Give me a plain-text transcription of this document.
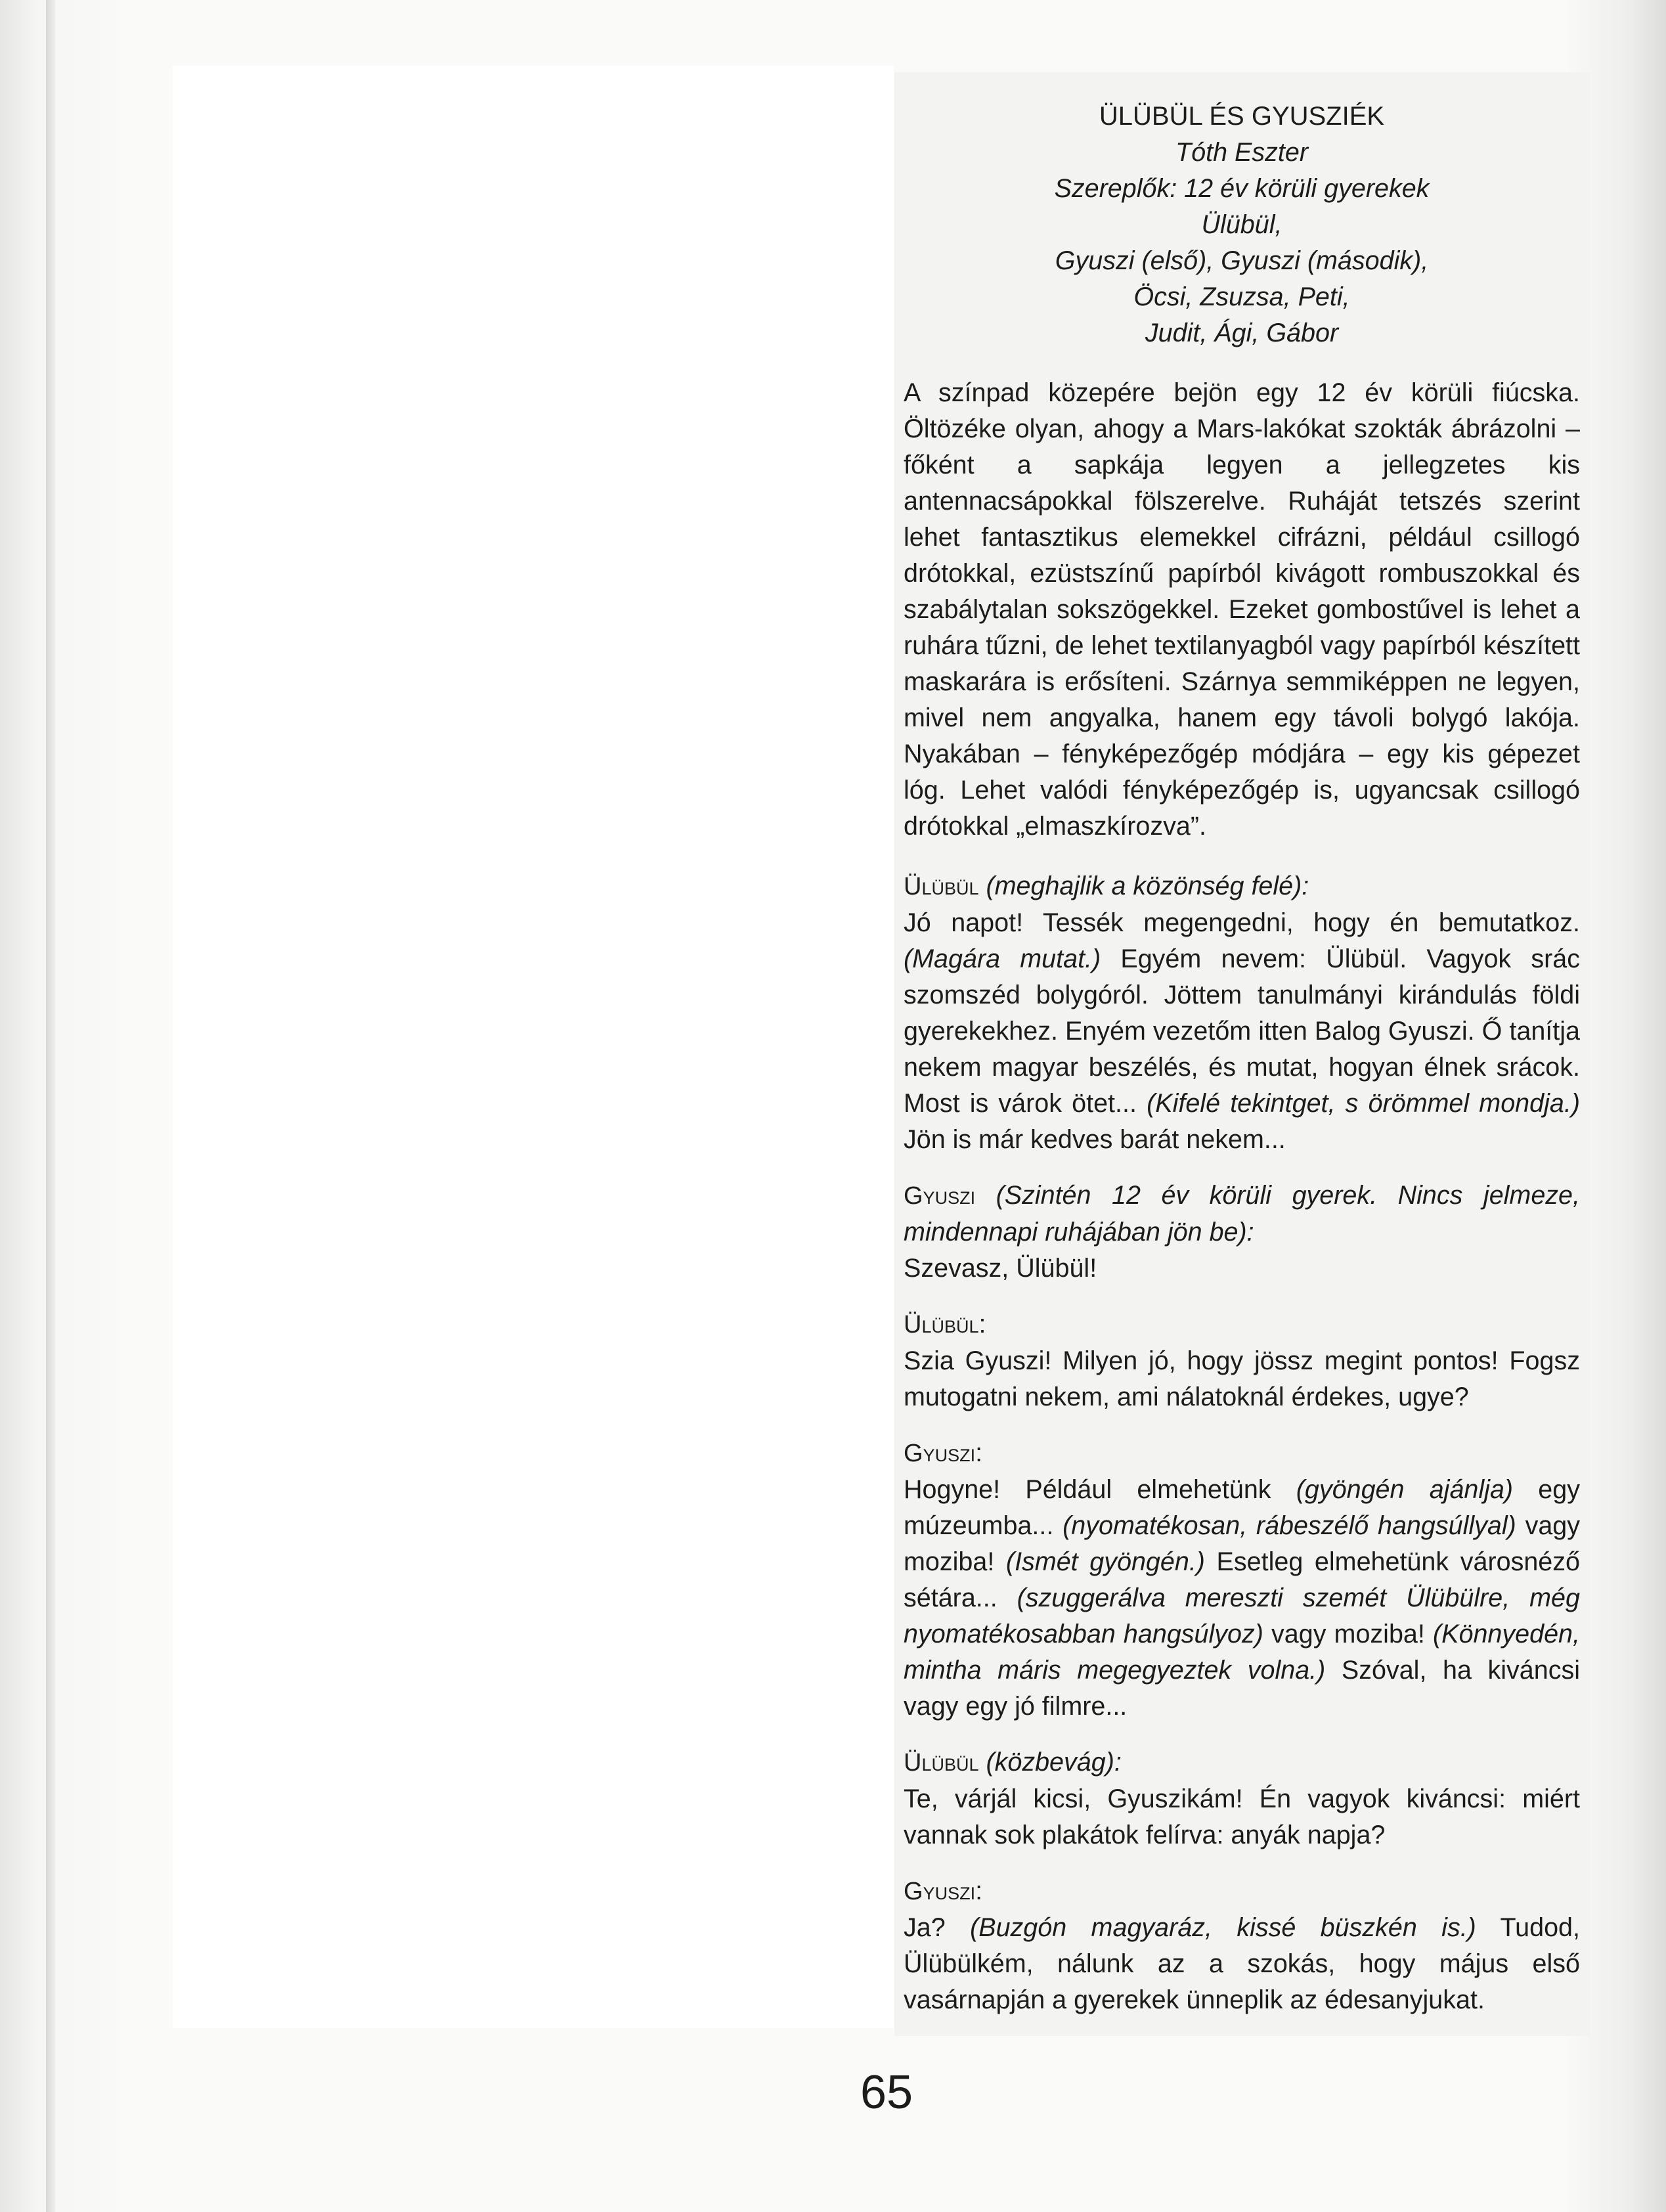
ÜLÜBÜL ÉS GYUSZIÉK
Tóth Eszter
Szereplők: 12 év körüli gyerekek
Ülübül,
Gyuszi (első), Gyuszi (második),
Öcsi, Zsuzsa, Peti,
Judit, Ági, Gábor

A színpad közepére bejön egy 12 év körüli fiúcska. Öltözéke olyan, ahogy a Mars-lakókat szokták ábrázolni – főként a sapkája legyen a jellegzetes kis antennacsápokkal fölszerelve. Ruháját tetszés szerint lehet fantasztikus elemekkel cifrázni, például csillogó drótokkal, ezüstszínű papírból kivágott rombuszokkal és szabálytalan sokszögekkel. Ezeket gombostűvel is lehet a ruhára tűzni, de lehet textilanyagból vagy papírból készített maskarára is erősíteni. Szárnya semmiképpen ne legyen, mivel nem angyalka, hanem egy távoli bolygó lakója. Nyakában – fényképezőgép módjára – egy kis gépezet lóg. Lehet valódi fényképezőgép is, ugyancsak csillogó drótokkal „elmaszkírozva”.

Ülübül (meghajlik a közönség felé):

Jó napot! Tessék megengedni, hogy én bemutatkoz. (Magára mutat.) Egyém nevem: Ülübül. Vagyok srác szomszéd bolygóról. Jöttem tanulmányi kirándulás földi gyerekekhez. Enyém vezetőm itten Balog Gyuszi. Ő tanítja nekem magyar beszélés, és mutat, hogyan élnek srácok. Most is várok ötet... (Kifelé tekintget, s örömmel mondja.) Jön is már kedves barát nekem...

Gyuszi (Szintén 12 év körüli gyerek. Nincs jelmeze, mindennapi ruhájában jön be):

Szevasz, Ülübül!
Ülübül:

Szia Gyuszi! Milyen jó, hogy jössz megint pontos! Fogsz mutogatni nekem, ami nálatoknál érdekes, ugye?

Gyuszi:

Hogyne! Például elmehetünk (gyöngén ajánlja) egy múzeumba... (nyomatékosan, rábeszélő hangsúllyal) vagy moziba! (Ismét gyöngén.) Esetleg elmehetünk városnéző sétára... (szuggerálva mereszti szemét Ülübülre, még nyomatékosabban hangsúlyoz) vagy moziba! (Könnyedén, mintha máris megegyeztek volna.) Szóval, ha kiváncsi vagy egy jó filmre...

Ülübül (közbevág):

Te, várjál kicsi, Gyuszikám! Én vagyok kiváncsi: miért vannak sok plakátok felírva: anyák napja?

Gyuszi:

Ja? (Buzgón magyaráz, kissé büszkén is.) Tudod, Ülübülkém, nálunk az a szokás, hogy május első vasárnapján a gyerekek ünneplik az édesanyjukat.

65
